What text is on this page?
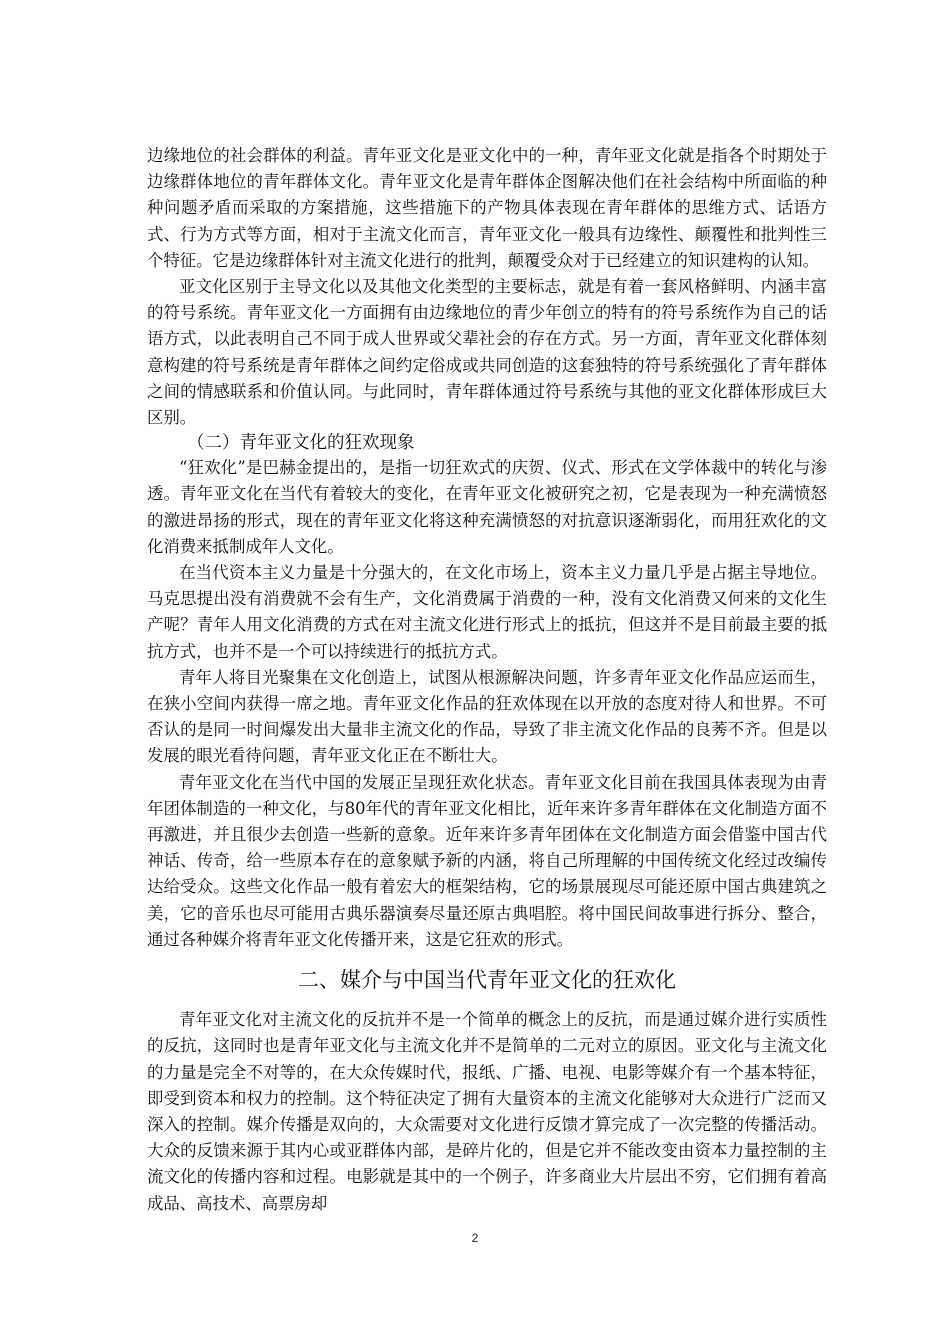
边缘地位的社会群体的利益。青年亚文化是亚文化中的一种，青年亚文化就是指各个时期处于边缘群体地位的青年群体文化。青年亚文化是青年群体企图解决他们在社会结构中所面临的种种问题矛盾而采取的方案措施，这些措施下的产物具体表现在青年群体的思维方式、话语方式、行为方式等方面，相对于主流文化而言，青年亚文化一般具有边缘性、颠覆性和批判性三个特征。它是边缘群体针对主流文化进行的批判，颠覆受众对于已经建立的知识建构的认知。

亚文化区别于主导文化以及其他文化类型的主要标志，就是有着一套风格鲜明、内涵丰富的符号系统。青年亚文化一方面拥有由边缘地位的青少年创立的特有的符号系统作为自己的话语方式，以此表明自己不同于成人世界或父辈社会的存在方式。另一方面，青年亚文化群体刻意构建的符号系统是青年群体之间约定俗成或共同创造的这套独特的符号系统强化了青年群体之间的情感联系和价值认同。与此同时，青年群体通过符号系统与其他的亚文化群体形成巨大区别。

（二）青年亚文化的狂欢现象

“狂欢化”是巴赫金提出的，是指一切狂欢式的庆贺、仪式、形式在文学体裁中的转化与渗透。青年亚文化在当代有着较大的变化，在青年亚文化被研究之初，它是表现为一种充满愤怒的激进昂扬的形式，现在的青年亚文化将这种充满愤怒的对抗意识逐渐弱化，而用狂欢化的文化消费来抵制成年人文化。

在当代资本主义力量是十分强大的，在文化市场上，资本主义力量几乎是占据主导地位。马克思提出没有消费就不会有生产，文化消费属于消费的一种，没有文化消费又何来的文化生产呢？青年人用文化消费的方式在对主流文化进行形式上的抵抗，但这并不是目前最主要的抵抗方式，也并不是一个可以持续进行的抵抗方式。

青年人将目光聚集在文化创造上，试图从根源解决问题，许多青年亚文化作品应运而生，在狭小空间内获得一席之地。青年亚文化作品的狂欢体现在以开放的态度对待人和世界。不可否认的是同一时间爆发出大量非主流文化的作品，导致了非主流文化作品的良莠不齐。但是以发展的眼光看待问题，青年亚文化正在不断壮大。

青年亚文化在当代中国的发展正呈现狂欢化状态。青年亚文化目前在我国具体表现为由青年团体制造的一种文化，与80年代的青年亚文化相比，近年来许多青年群体在文化制造方面不再激进，并且很少去创造一些新的意象。近年来许多青年团体在文化制造方面会借鉴中国古代神话、传奇，给一些原本存在的意象赋予新的内涵，将自己所理解的中国传统文化经过改编传达给受众。这些文化作品一般有着宏大的框架结构，它的场景展现尽可能还原中国古典建筑之美，它的音乐也尽可能用古典乐器演奏尽量还原古典唱腔。将中国民间故事进行拆分、整合，通过各种媒介将青年亚文化传播开来，这是它狂欢的形式。

二、媒介与中国当代青年亚文化的狂欢化

青年亚文化对主流文化的反抗并不是一个简单的概念上的反抗，而是通过媒介进行实质性的反抗，这同时也是青年亚文化与主流文化并不是简单的二元对立的原因。亚文化与主流文化的力量是完全不对等的，在大众传媒时代，报纸、广播、电视、电影等媒介有一个基本特征，即受到资本和权力的控制。这个特征决定了拥有大量资本的主流文化能够对大众进行广泛而又深入的控制。媒介传播是双向的，大众需要对文化进行反馈才算完成了一次完整的传播活动。大众的反馈来源于其内心或亚群体内部，是碎片化的，但是它并不能改变由资本力量控制的主流文化的传播内容和过程。电影就是其中的一个例子，许多商业大片层出不穷，它们拥有着高成品、高技术、高票房却

2
